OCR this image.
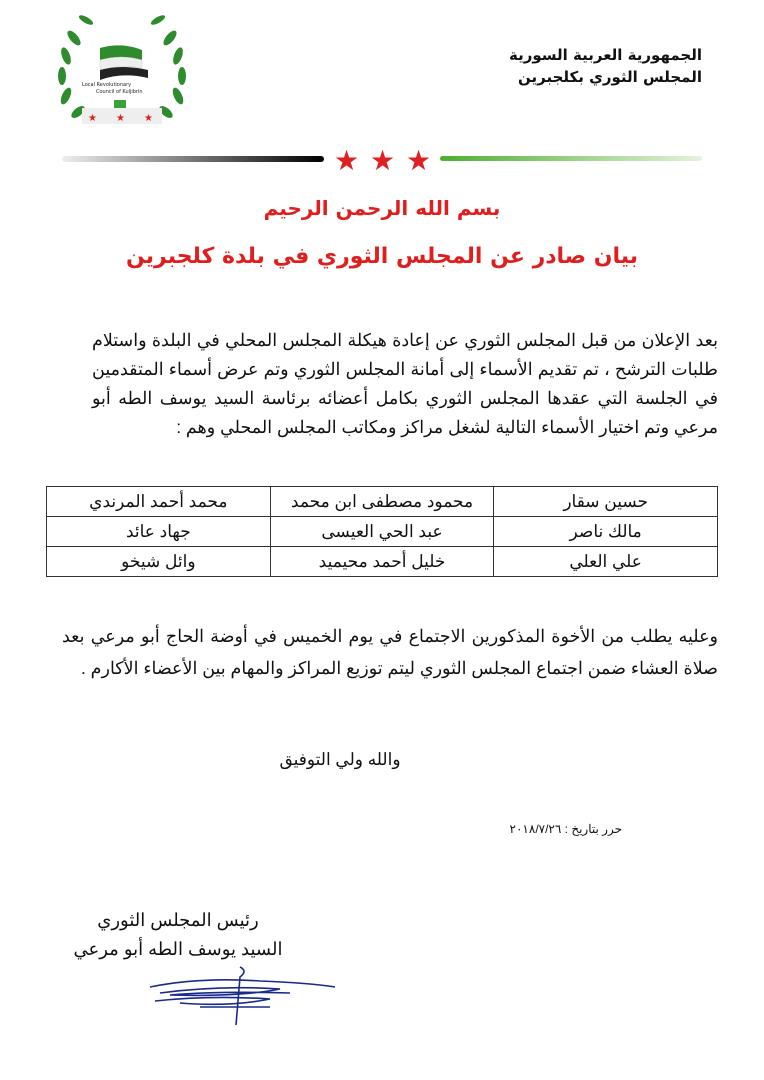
الجمهورية العربية السورية
المجلس الثوري بكلجبرين
Local Revolutionary
Council of Kuljibrin
★ ★ ★
★ ★ ★
بسم الله الرحمن الرحيم
بيان صادر عن المجلس الثوري في بلدة كلجبرين
بعد الإعلان من قبل المجلس الثوري عن إعادة هيكلة المجلس المحلي في البلدة واستلام طلبات الترشح ، تم تقديم الأسماء إلى أمانة المجلس الثوري وتم عرض أسماء المتقدمين في الجلسة التي عقدها المجلس الثوري بكامل أعضائه برئاسة السيد يوسف الطه أبو مرعي وتم اختيار الأسماء التالية لشغل مراكز ومكاتب المجلس المحلي وهم :
حسين سقار	محمود مصطفى ابن محمد	محمد أحمد المرندي
مالك ناصر	عبد الحي العيسى	جهاد عائد
علي العلي	خليل أحمد محيميد	وائل شيخو
وعليه يطلب من الأخوة المذكورين الاجتماع في يوم الخميس في أوضة الحاج أبو مرعي بعد صلاة العشاء ضمن اجتماع المجلس الثوري ليتم توزيع المراكز والمهام بين الأعضاء الأكارم .
والله ولي التوفيق
حرر بتاريخ : ٢٠١٨/٧/٢٦
رئيس المجلس الثوري
السيد يوسف الطه أبو مرعي
